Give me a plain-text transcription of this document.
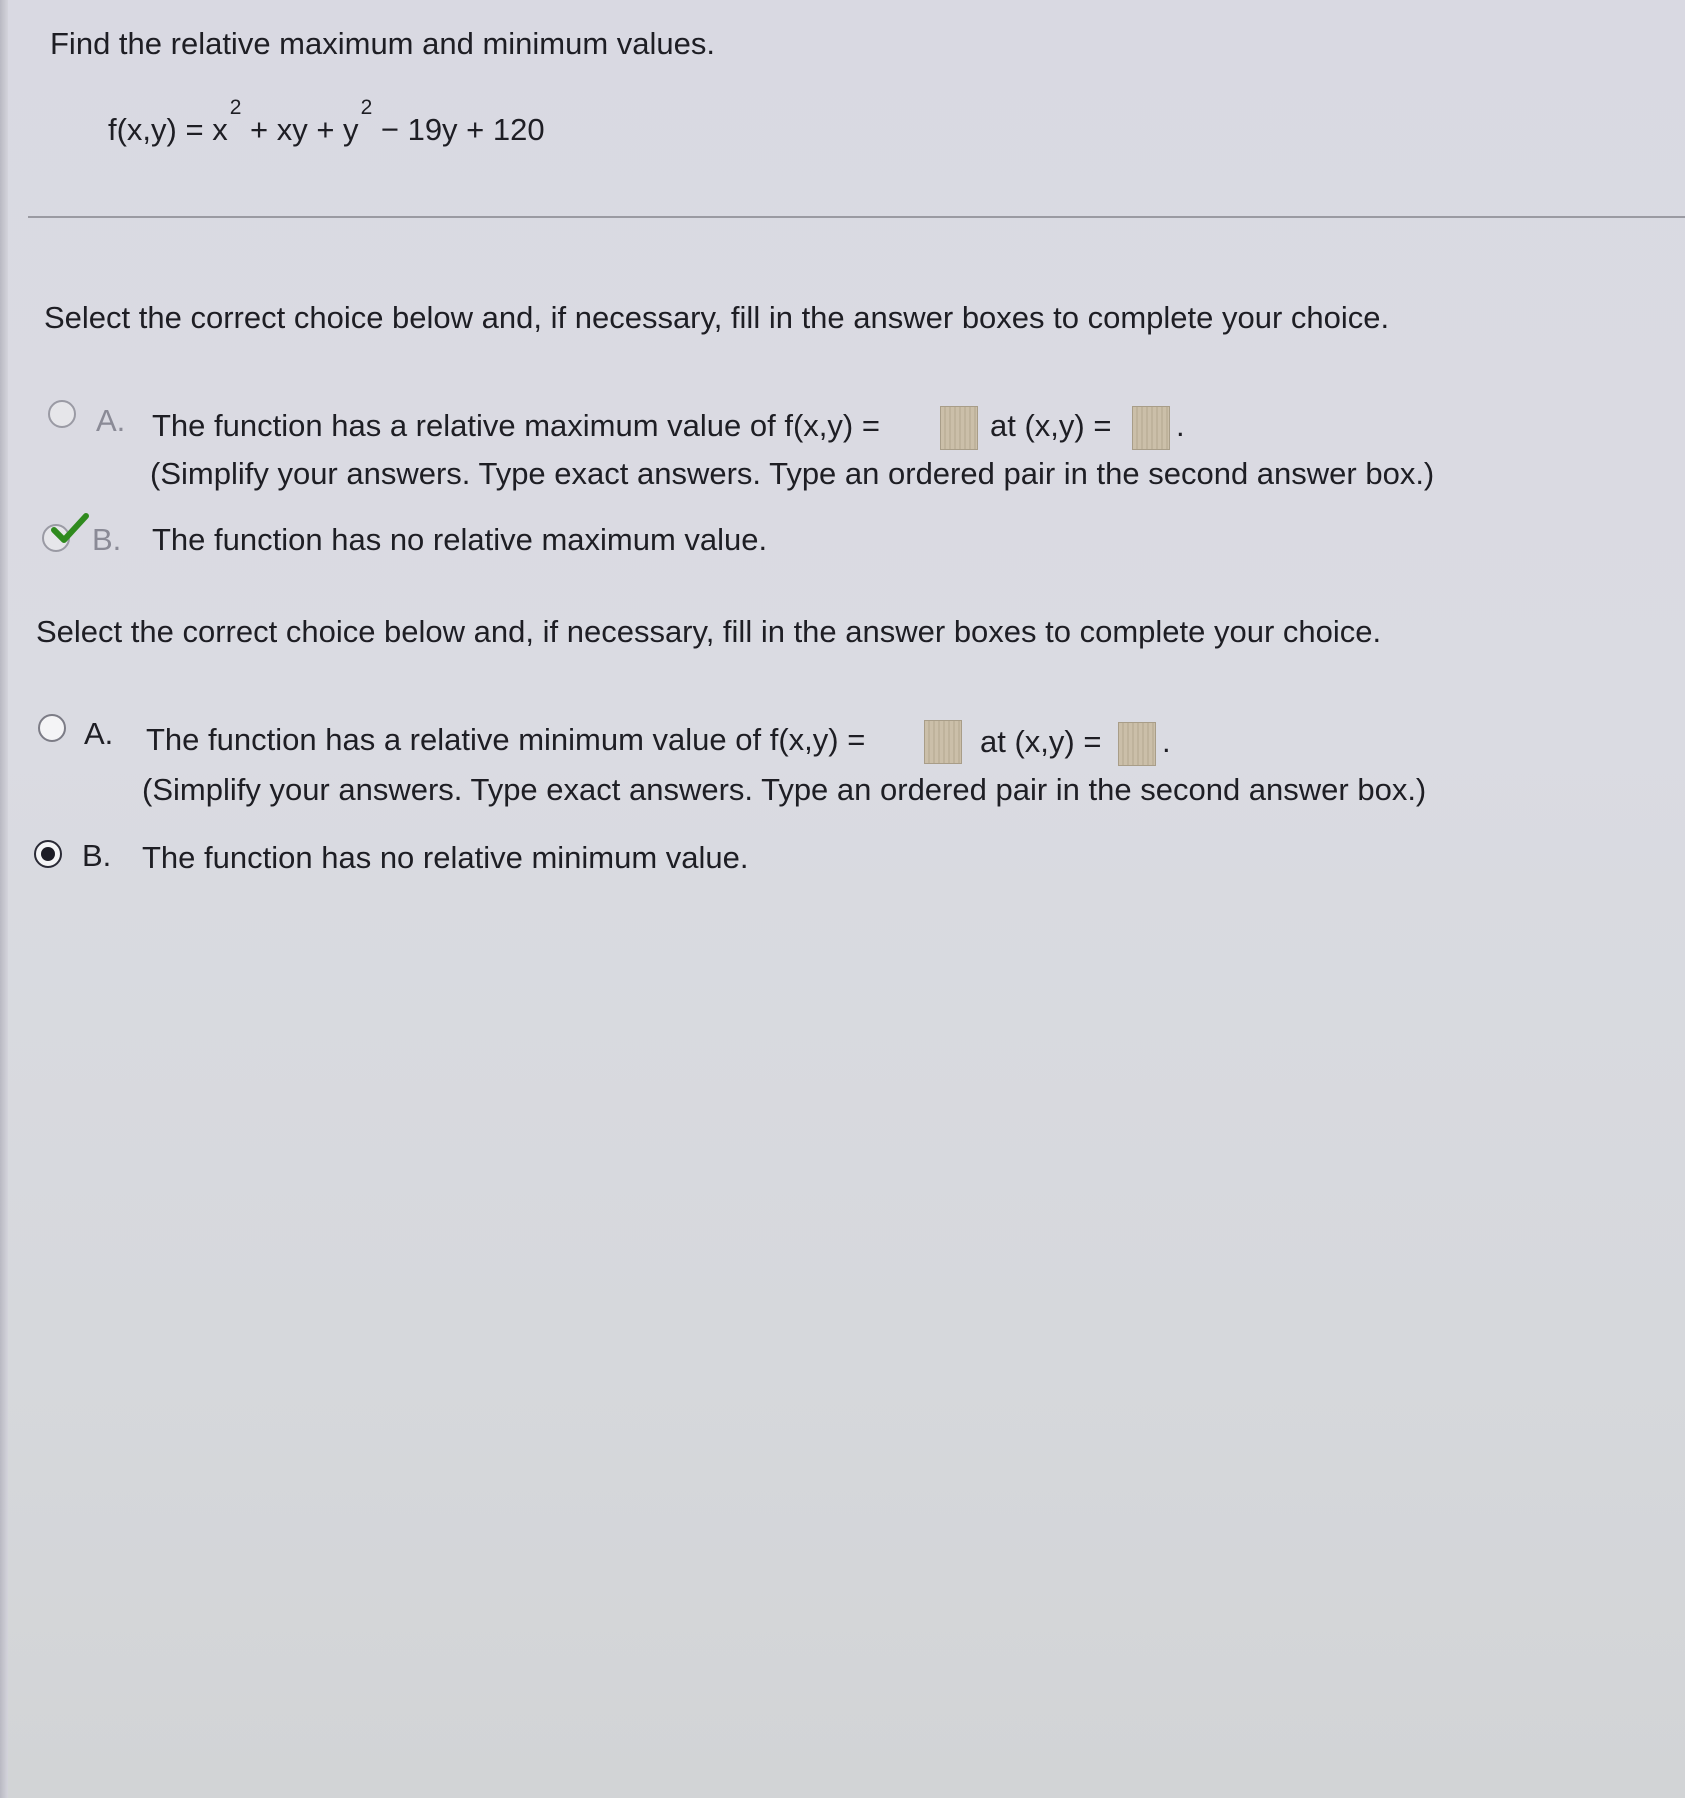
Find the relative maximum and minimum values.
$f(x,y) = x^2$ + xy + $y^2 - 19y + 120$

Select the correct choice below and, if necessary, fill in the answer boxes to complete your choice.

A. The function has a relative maximum value of f(x,y) =	at (x,y) = .
(Simplify your answers. Type exact answers. Type an ordered pair in the second answer box.)
B. The function has no relative maximum value.

Select the correct choice below and, if necessary, fill in the answer boxes to complete your choice.

A. The function has a relative minimum value of f(x,y) =	at (x,y) = .
(Simplify your answers. Type exact answers. Type an ordered pair in the second answer box.)
B. The function has no relative minimum value.
